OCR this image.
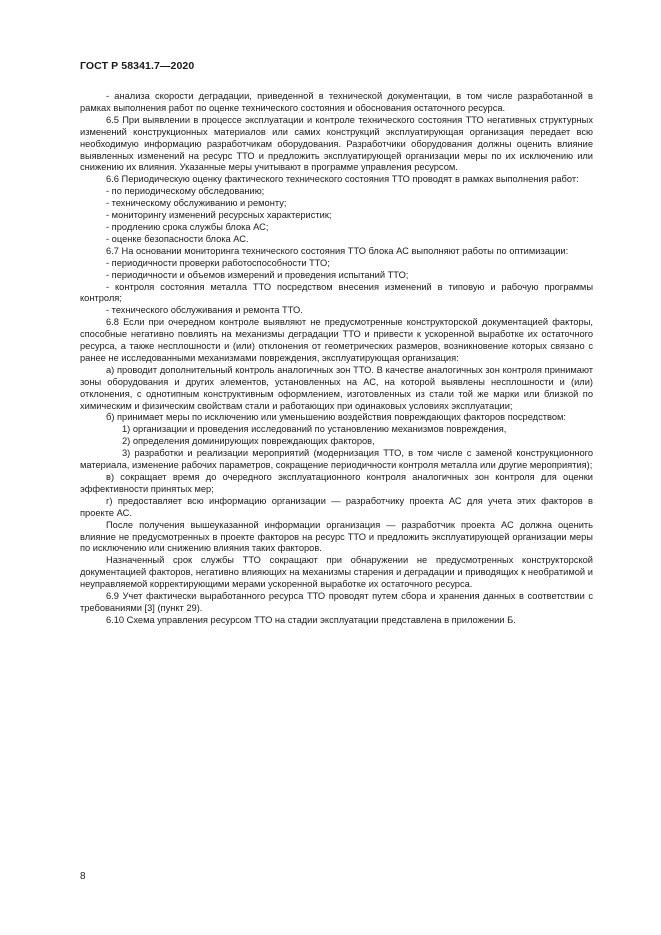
ГОСТ Р 58341.7—2020

- анализа скорости деградации, приведенной в технической документации, в том числе разработанной в рамках выполнения работ по оценке технического состояния и обоснования остаточного ресурса.

6.5 При выявлении в процессе эксплуатации и контроле технического состояния ТТО негативных структурных изменений конструкционных материалов или самих конструкций эксплуатирующая организация передает всю необходимую информацию разработчикам оборудования. Разработчики оборудования должны оценить влияние выявленных изменений на ресурс ТТО и предложить эксплуатирующей организации меры по их исключению или снижению их влияния. Указанные меры учитывают в программе управления ресурсом.

6.6 Периодическую оценку фактического технического состояния ТТО проводят в рамках выполнения работ:

- по периодическому обследованию;

- техническому обслуживанию и ремонту;

- мониторингу изменений ресурсных характеристик;

- продлению срока службы блока АС;

- оценке безопасности блока АС.

6.7 На основании мониторинга технического состояния ТТО блока АС выполняют работы по оптимизации:

- периодичности проверки работоспособности ТТО;

- периодичности и объемов измерений и проведения испытаний ТТО;

- контроля состояния металла ТТО посредством внесения изменений в типовую и рабочую программы контроля;

- технического обслуживания и ремонта ТТО.

6.8 Если при очередном контроле выявляют не предусмотренные конструкторской документацией факторы, способные негативно повлиять на механизмы деградации ТТО и привести к ускоренной выработке их остаточного ресурса, а также несплошности и (или) отклонения от геометрических размеров, возникновение которых связано с ранее не исследованными механизмами повреждения, эксплуатирующая организация:

а) проводит дополнительный контроль аналогичных зон ТТО. В качестве аналогичных зон контроля принимают зоны оборудования и других элементов, установленных на АС, на которой выявлены несплошности и (или) отклонения, с однотипным конструктивным оформлением, изготовленных из стали той же марки или близкой по химическим и физическим свойствам стали и работающих при одинаковых условиях эксплуатации;

б) принимает меры по исключению или уменьшению воздействия повреждающих факторов посредством:

1) организации и проведения исследований по установлению механизмов повреждения,

2) определения доминирующих повреждающих факторов,

3) разработки и реализации мероприятий (модернизация ТТО, в том числе с заменой конструкционного материала, изменение рабочих параметров, сокращение периодичности контроля металла или другие мероприятия);

в) сокращает время до очередного эксплуатационного контроля аналогичных зон контроля для оценки эффективности принятых мер;

г) предоставляет всю информацию организации — разработчику проекта АС для учета этих факторов в проекте АС.

После получения вышеуказанной информации организация — разработчик проекта АС должна оценить влияние не предусмотренных в проекте факторов на ресурс ТТО и предложить эксплуатирующей организации меры по исключению или снижению влияния таких факторов.

Назначенный срок службы ТТО сокращают при обнаружении не предусмотренных конструкторской документацией факторов, негативно влияющих на механизмы старения и деградации и приводящих к необратимой и неуправляемой корректирующими мерами ускоренной выработке их остаточного ресурса.

6.9 Учет фактически выработанного ресурса ТТО проводят путем сбора и хранения данных в соответствии с требованиями [3] (пункт 29).

6.10 Схема управления ресурсом ТТО на стадии эксплуатации представлена в приложении Б.

8
